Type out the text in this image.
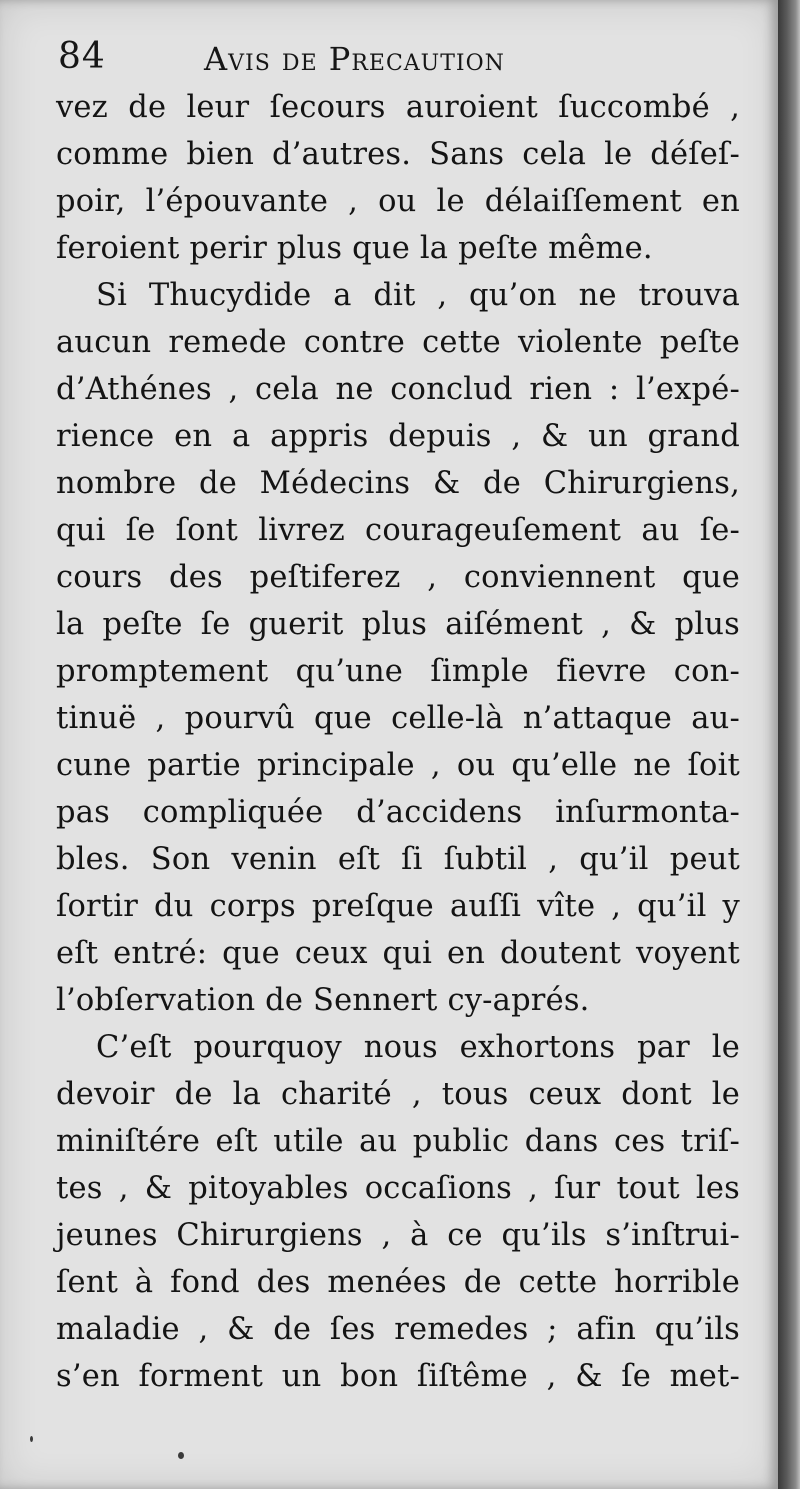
84	Avis de Precaution
vez de leur ſecours auroient ſuccombé ,
comme bien d’autres. Sans cela le déſeſ-
poir, l’épouvante , ou le délaiſſement en
feroient perir plus que la peſte même.
Si Thucydide a dit , qu’on ne trouva
aucun remede contre cette violente peſte
d’Athénes , cela ne conclud rien : l’expé-
rience en a appris depuis , & un grand
nombre de Médecins & de Chirurgiens,
qui ſe ſont livrez courageuſement au ſe-
cours des peſtiferez , conviennent que
la peſte ſe guerit plus aiſément , & plus
promptement qu’une ſimple fievre con-
tinuë , pourvû que celle-là n’attaque au-
cune partie principale , ou qu’elle ne ſoit
pas compliquée d’accidens inſurmonta-
bles. Son venin eſt ſi ſubtil , qu’il peut
ſortir du corps preſque auſſi vîte , qu’il y
eſt entré: que ceux qui en doutent voyent
l’obſervation de Sennert cy-aprés.
C’eſt pourquoy nous exhortons par le
devoir de la charité , tous ceux dont le
miniſtére eſt utile au public dans ces triſ-
tes , & pitoyables occaſions , ſur tout les
jeunes Chirurgiens , à ce qu’ils s’inſtrui-
ſent à fond des menées de cette horrible
maladie , & de ſes remedes ; afin qu’ils
s’en forment un bon ſiſtême , & ſe met-
